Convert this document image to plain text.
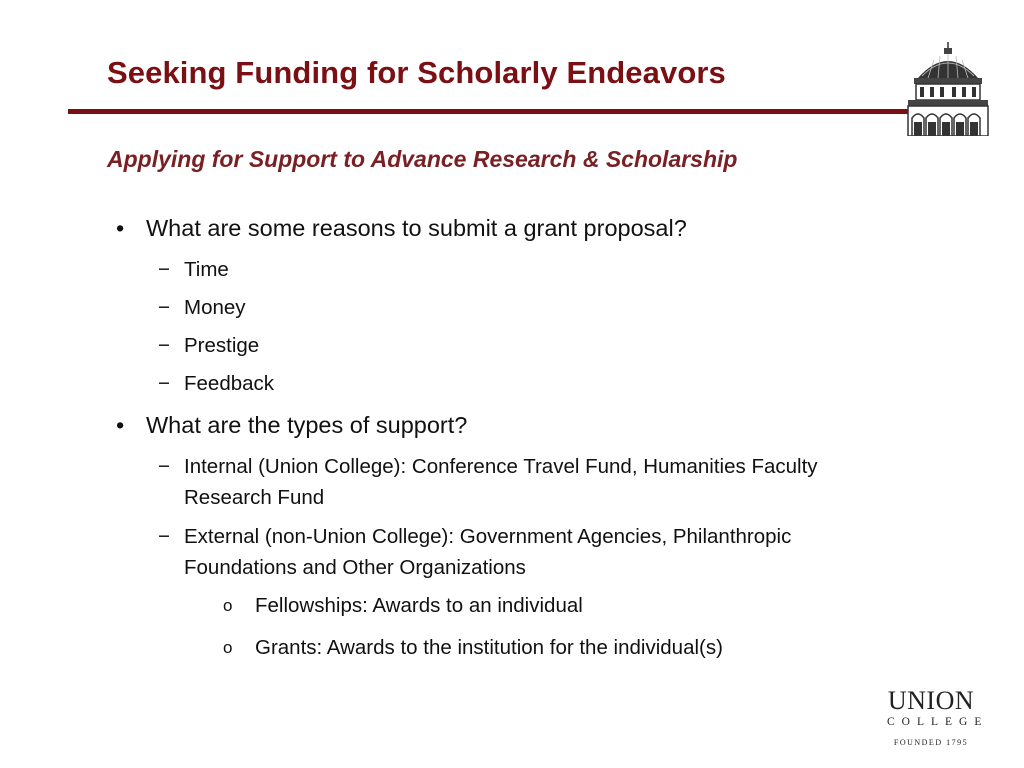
Seeking Funding for Scholarly Endeavors
Applying for Support to Advance Research & Scholarship
• What are some reasons to submit a grant proposal?
− Time
− Money
− Prestige
− Feedback
• What are the types of support?
− Internal (Union College): Conference Travel Fund, Humanities Faculty Research Fund
− External (non-Union College): Government Agencies, Philanthropic Foundations and Other Organizations
o Fellowships: Awards to an individual
o Grants: Awards to the institution for the individual(s)
UNION
COLLEGE
FOUNDED 1795
